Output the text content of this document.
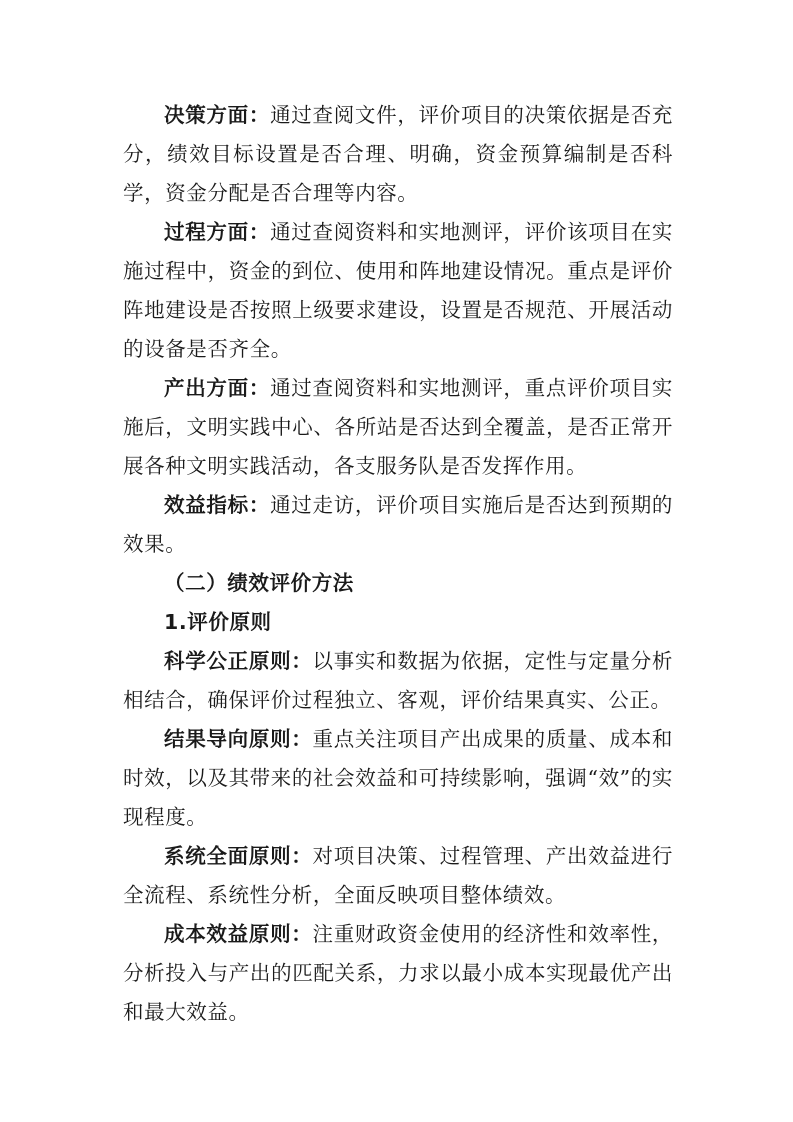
决策方面：通过查阅文件，评价项目的决策依据是否充分，绩效目标设置是否合理、明确，资金预算编制是否科学，资金分配是否合理等内容。

过程方面：通过查阅资料和实地测评，评价该项目在实施过程中，资金的到位、使用和阵地建设情况。重点是评价阵地建设是否按照上级要求建设，设置是否规范、开展活动的设备是否齐全。

产出方面：通过查阅资料和实地测评，重点评价项目实施后，文明实践中心、各所站是否达到全覆盖，是否正常开展各种文明实践活动，各支服务队是否发挥作用。

效益指标：通过走访，评价项目实施后是否达到预期的效果。

（二）绩效评价方法

1.评价原则

科学公正原则：以事实和数据为依据，定性与定量分析相结合，确保评价过程独立、客观，评价结果真实、公正。

结果导向原则：重点关注项目产出成果的质量、成本和时效，以及其带来的社会效益和可持续影响，强调“效”的实现程度。

系统全面原则：对项目决策、过程管理、产出效益进行全流程、系统性分析，全面反映项目整体绩效。

成本效益原则：注重财政资金使用的经济性和效率性，分析投入与产出的匹配关系，力求以最小成本实现最优产出和最大效益。
